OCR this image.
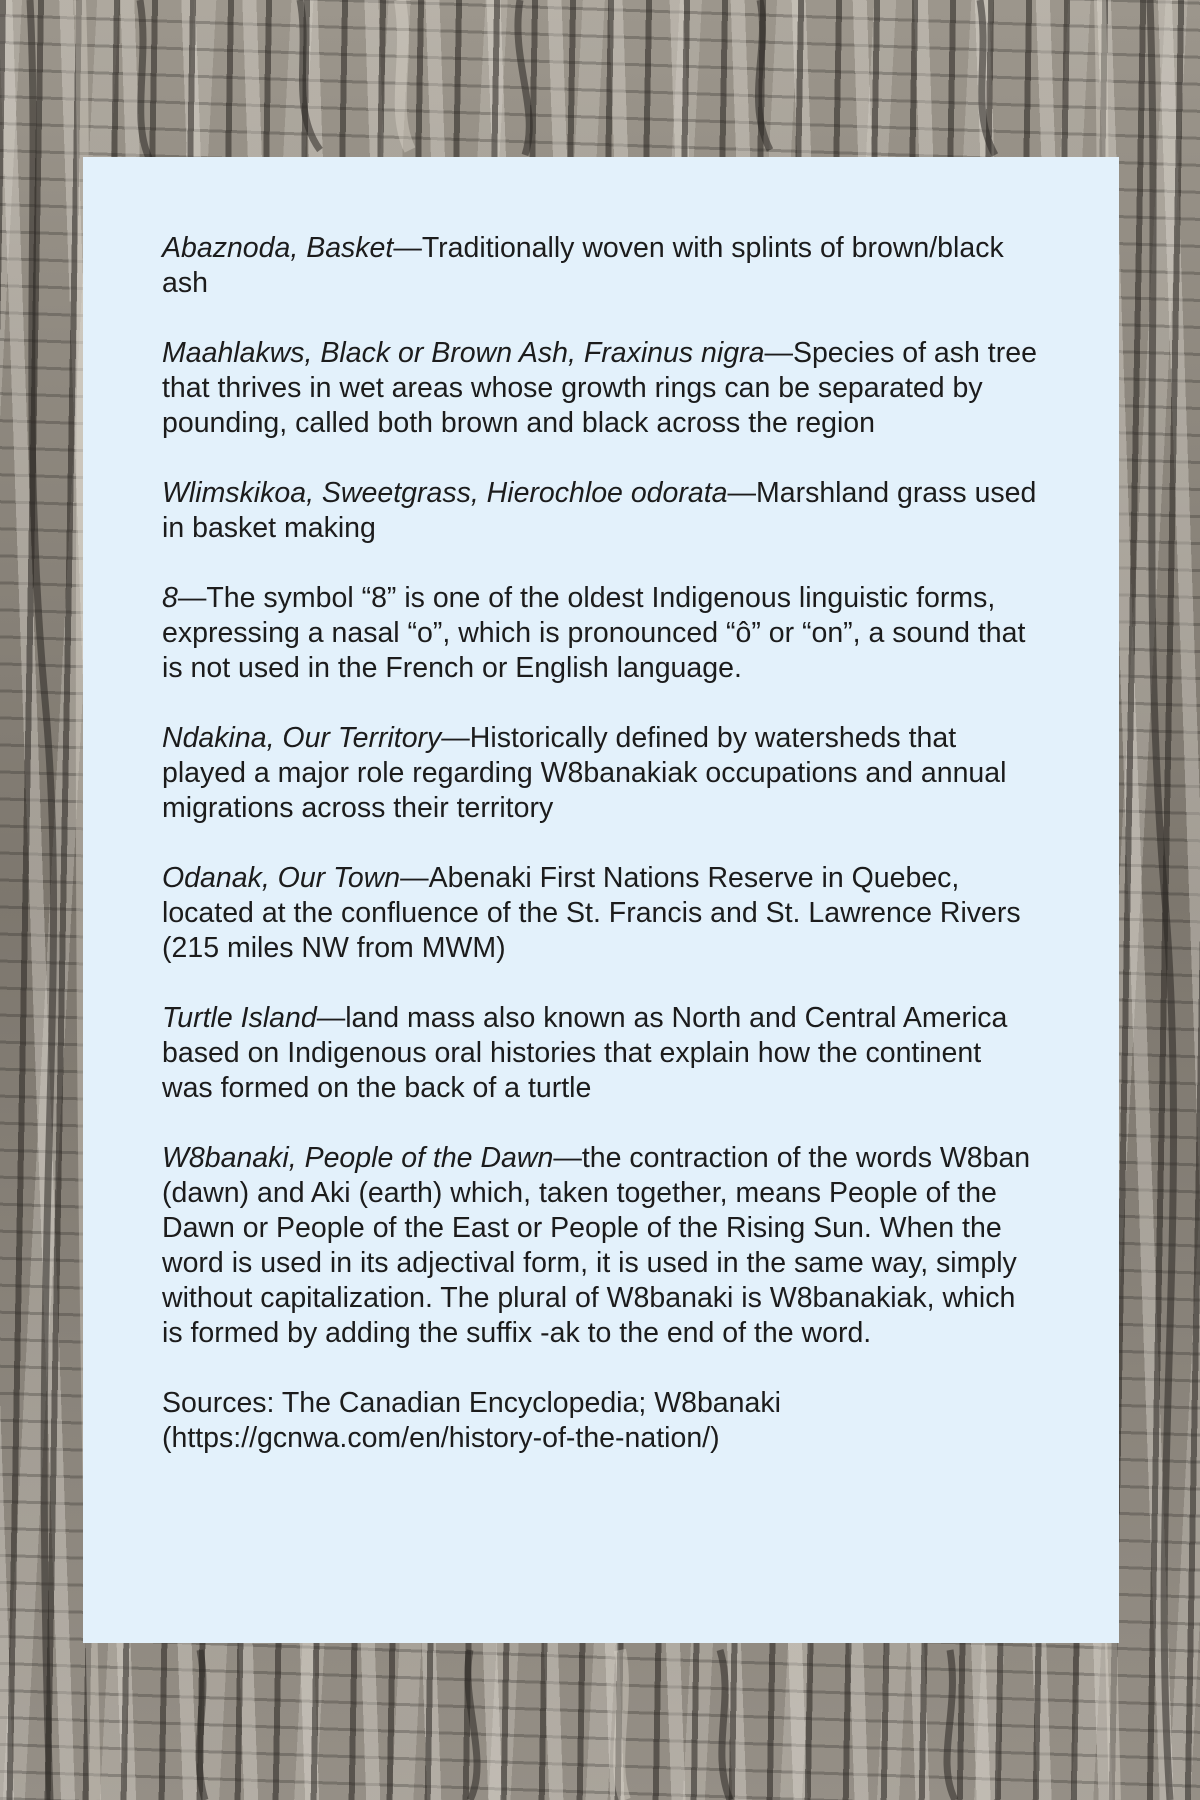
Abaznoda, Basket—Traditionally woven with splints of brown/black ash

Maahlakws, Black or Brown Ash, Fraxinus nigra—Species of ash tree that thrives in wet areas whose growth rings can be separated by pounding, called both brown and black across the region

Wlimskikoa, Sweetgrass, Hierochloe odorata—Marshland grass used in basket making

8—The symbol “8” is one of the oldest Indigenous linguistic forms, expressing a nasal “o”, which is pronounced “ô” or “on”, a sound that is not used in the French or English language.

Ndakina, Our Territory—Historically defined by watersheds that played a major role regarding W8banakiak occupations and annual migrations across their territory

Odanak, Our Town—Abenaki First Nations Reserve in Quebec, located at the confluence of the St. Francis and St. Lawrence Rivers (215 miles NW from MWM)

Turtle Island—land mass also known as North and Central America based on Indigenous oral histories that explain how the continent was formed on the back of a turtle

W8banaki, People of the Dawn—the contraction of the words W8ban (dawn) and Aki (earth) which, taken together, means People of the Dawn or People of the East or People of the Rising Sun. When the word is used in its adjectival form, it is used in the same way, simply without capitalization. The plural of W8banaki is W8banakiak, which is formed by adding the suffix -ak to the end of the word.

Sources: The Canadian Encyclopedia; W8banaki (https://gcnwa.com/en/history-of-the-nation/)
